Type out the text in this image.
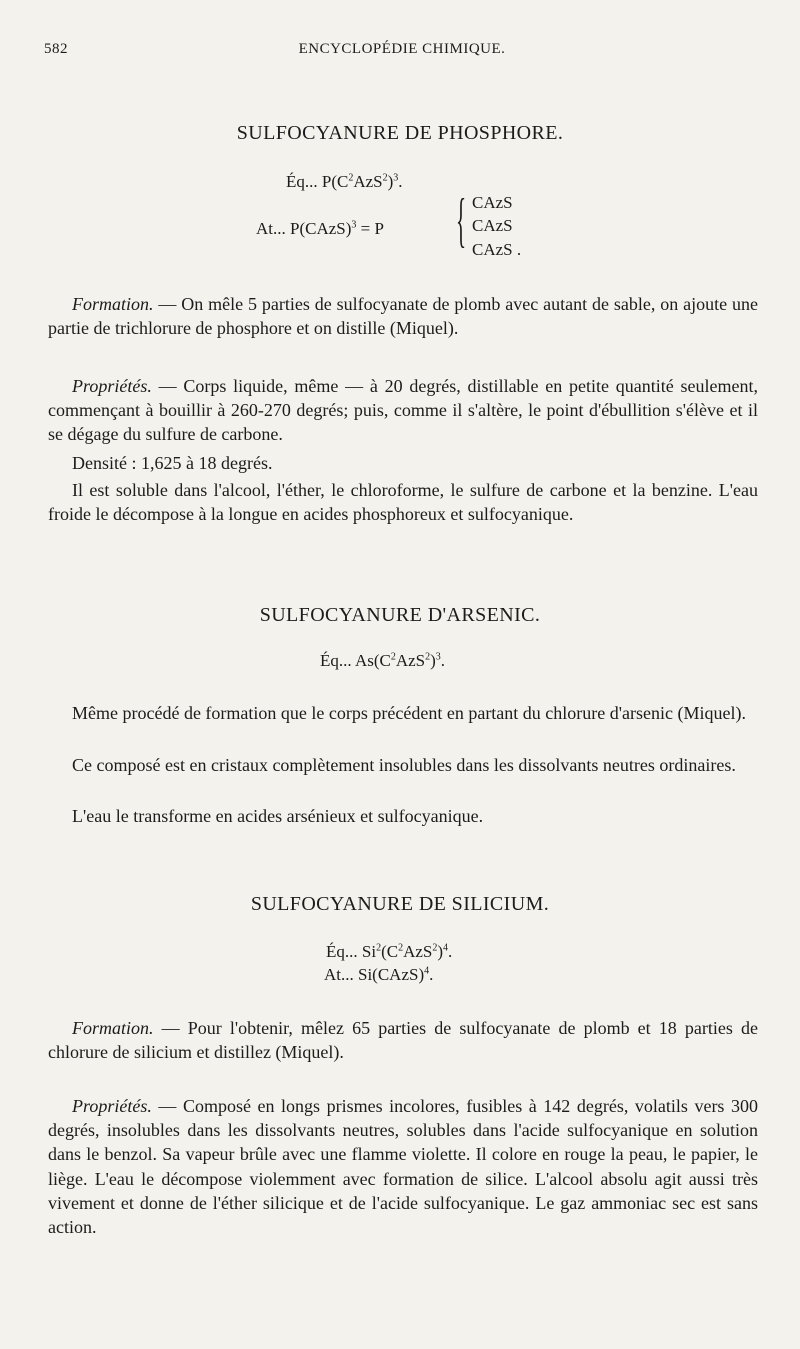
582	ENCYCLOPÉDIE CHIMIQUE.
SULFOCYANURE DE PHOSPHORE.
Éq... $P(C^2AzS^2)^3$.
At... P(CAzS)$^3$ = P { CAzS
CAzS
CAzS .
Formation. — On mêle 5 parties de sulfocyanate de plomb avec autant de sable, on ajoute une partie de trichlorure de phosphore et on distille (Miquel).
Propriétés. — Corps liquide, même — à 20 degrés, distillable en petite quantité seulement, commençant à bouillir à 260-270 degrés; puis, comme il s'altère, le point d'ébullition s'élève et il se dégage du sulfure de carbone.
Densité : 1,625 à 18 degrés.
Il est soluble dans l'alcool, l'éther, le chloroforme, le sulfure de carbone et la benzine. L'eau froide le décompose à la longue en acides phosphoreux et sulfocyanique.
SULFOCYANURE D'ARSENIC.
Éq... $As(C^2AzS^2)^3$.
Même procédé de formation que le corps précédent en partant du chlorure d'arsenic (Miquel).
Ce composé est en cristaux complètement insolubles dans les dissolvants neutres ordinaires.
L'eau le transforme en acides arsénieux et sulfocyanique.
SULFOCYANURE DE SILICIUM.
Éq... $Si^2(C^2AzS^2)^4$.
At... Si(CAzS)$^4$.
Formation. — Pour l'obtenir, mêlez 65 parties de sulfocyanate de plomb et 18 parties de chlorure de silicium et distillez (Miquel).
Propriétés. — Composé en longs prismes incolores, fusibles à 142 degrés, volatils vers 300 degrés, insolubles dans les dissolvants neutres, solubles dans l'acide sulfocyanique en solution dans le benzol. Sa vapeur brûle avec une flamme violette. Il colore en rouge la peau, le papier, le liège. L'eau le décompose violemment avec formation de silice. L'alcool absolu agit aussi très vivement et donne de l'éther silicique et de l'acide sulfocyanique. Le gaz ammoniac sec est sans action.
